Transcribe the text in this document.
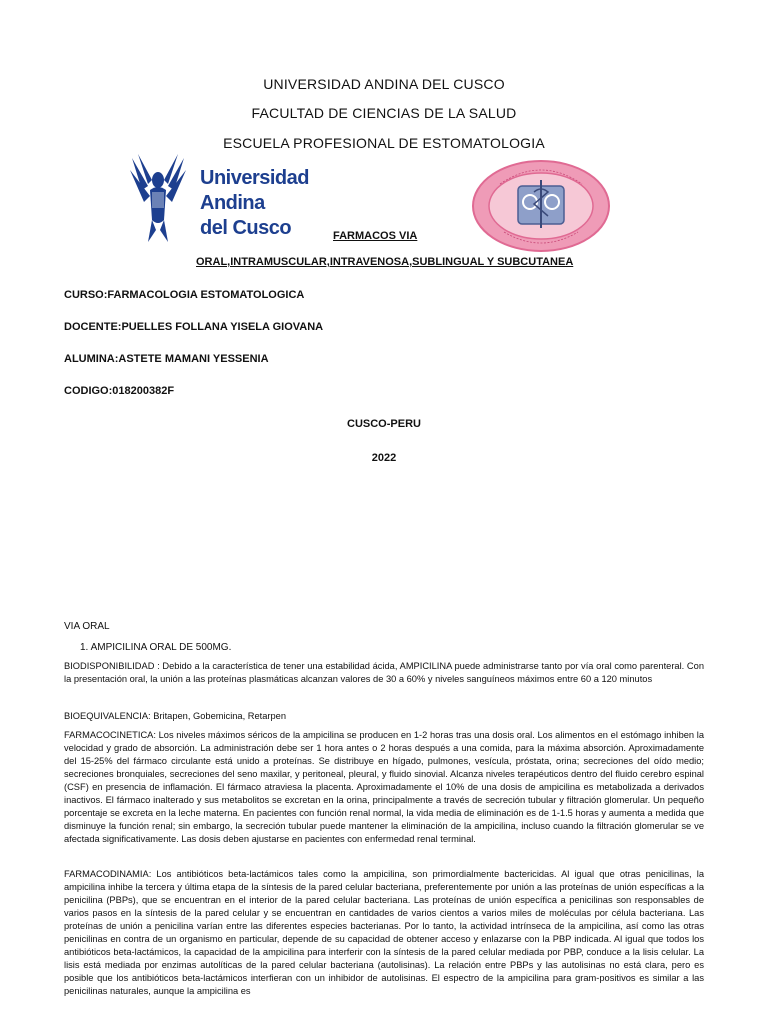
UNIVERSIDAD ANDINA DEL CUSCO
FACULTAD DE CIENCIAS DE LA SALUD
ESCUELA PROFESIONAL DE ESTOMATOLOGIA
Universidad
Andina
del Cusco	FARMACOS VIA
ORAL,INTRAMUSCULAR,INTRAVENOSA,SUBLINGUAL Y SUBCUTANEA
CURSO:FARMACOLOGIA ESTOMATOLOGICA
DOCENTE:PUELLES FOLLANA YISELA GIOVANA
ALUMINA:ASTETE MAMANI YESSENIA
CODIGO:018200382F
CUSCO-PERU
2022
VIA ORAL
1. AMPICILINA ORAL DE 500MG.

BIODISPONIBILIDAD : Debido a la característica de tener una estabilidad ácida, AMPICILINA puede administrarse tanto por vía oral como parenteral. Con la presentación oral, la unión a las proteínas plasmáticas alcanzan valores de 30 a 60% y niveles sanguíneos máximos entre 60 a 120 minutos

BIOEQUIVALENCIA: Britapen, Gobemicina, Retarpen

FARMACOCINETICA: Los niveles máximos séricos de la ampicilina se producen en 1-2 horas tras una dosis oral. Los alimentos en el estómago inhiben la velocidad y grado de absorción. La administración debe ser 1 hora antes o 2 horas después a una comida, para la máxima absorción. Aproximadamente del 15-25% del fármaco circulante está unido a proteínas. Se distribuye en hígado, pulmones, vesícula, próstata, orina; secreciones del oído medio; secreciones bronquiales, secreciones del seno maxilar, y peritoneal, pleural, y fluido sinovial. Alcanza niveles terapéuticos dentro del fluido cerebro espinal (CSF) en presencia de inflamación. El fármaco atraviesa la placenta. Aproximadamente el 10% de una dosis de ampicilina es metabolizada a derivados inactivos. El fármaco inalterado y sus metabolitos se excretan en la orina, principalmente a través de secreción tubular y filtración glomerular. Un pequeño porcentaje se excreta en la leche materna. En pacientes con función renal normal, la vida media de eliminación es de 1-1.5 horas y aumenta a medida que disminuye la función renal; sin embargo, la secreción tubular puede mantener la eliminación de la ampicilina, incluso cuando la filtración glomerular se ve afectada significativamente. Las dosis deben ajustarse en pacientes con enfermedad renal terminal.

FARMACODINAMIA: Los antibióticos beta-lactámicos tales como la ampicilina, son primordialmente bactericidas. Al igual que otras penicilinas, la ampicilina inhibe la tercera y última etapa de la síntesis de la pared celular bacteriana, preferentemente por unión a las proteínas de unión específicas a la penicilina (PBPs), que se encuentran en el interior de la pared celular bacteriana. Las proteínas de unión específica a penicilinas son responsables de varios pasos en la síntesis de la pared celular y se encuentran en cantidades de varios cientos a varios miles de moléculas por célula bacteriana. Las proteínas de unión a penicilina varían entre las diferentes especies bacterianas. Por lo tanto, la actividad intrínseca de la ampicilina, así como las otras penicilinas en contra de un organismo en particular, depende de su capacidad de obtener acceso y enlazarse con la PBP indicada. Al igual que todos los antibióticos beta-lactámicos, la capacidad de la ampicilina para interferir con la síntesis de la pared celular mediada por PBP, conduce a la lisis celular. La lisis está mediada por enzimas autolíticas de la pared celular bacteriana (autolisinas). La relación entre PBPs y las autolisinas no está clara, pero es posible que los antibióticos beta-lactámicos interfieran con un inhibidor de autolisinas. El espectro de la ampicilina para gram-positivos es similar a las penicilinas naturales, aunque la ampicilina es
